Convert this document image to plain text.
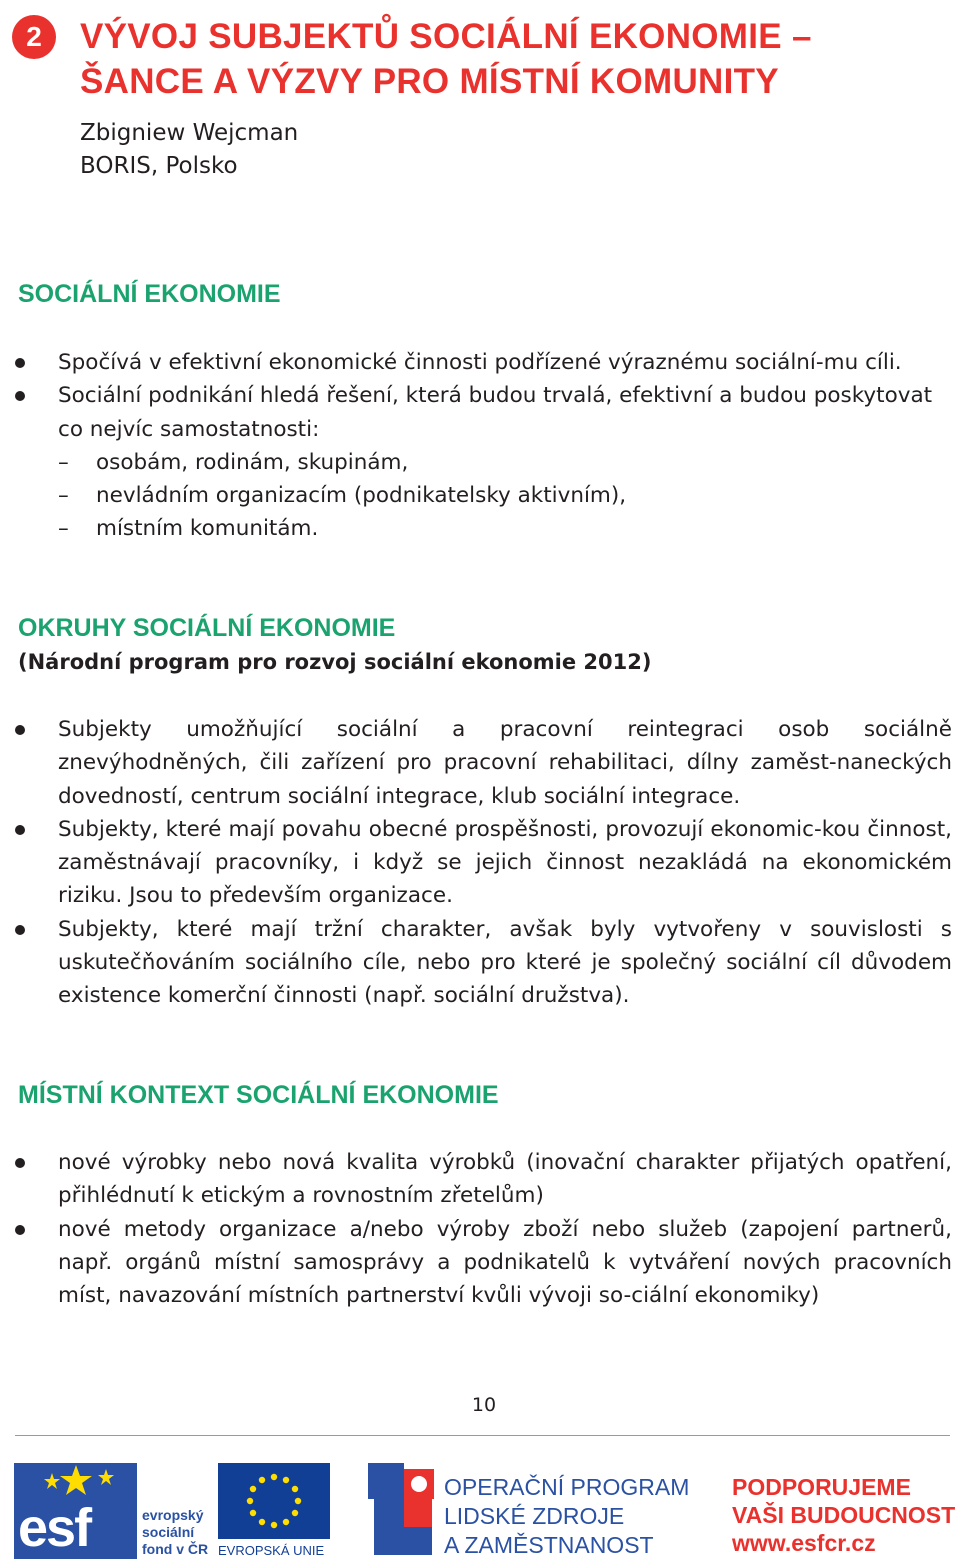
2	VÝVOJ SUBJEKTŮ SOCIÁLNÍ EKONOMIE –
ŠANCE A VÝZVY PRO MÍSTNÍ KOMUNITY
Zbigniew Wejcman
BORIS, Polsko
SOCIÁLNÍ EKONOMIE
Spočívá v efektivní ekonomické činnosti podřízené výraznému sociální-mu cíli.
Sociální podnikání hledá řešení, která budou trvalá, efektivní a budou poskytovat co nejvíc samostatnosti:
– osobám, rodinám, skupinám,
– nevládním organizacím (podnikatelsky aktivním),
– místním komunitám.
OKRUHY SOCIÁLNÍ EKONOMIE
(Národní program pro rozvoj sociální ekonomie 2012)
Subjekty umožňující sociální a pracovní reintegraci osob sociálně znevýhodněných, čili zařízení pro pracovní rehabilitaci, dílny zaměst-naneckých dovedností, centrum sociální integrace, klub sociální integrace.
Subjekty, které mají povahu obecné prospěšnosti, provozují ekonomic-kou činnost, zaměstnávají pracovníky, i když se jejich činnost nezakládá na ekonomickém riziku. Jsou to především organizace.
Subjekty, které mají tržní charakter, avšak byly vytvořeny v souvislosti s uskutečňováním sociálního cíle, nebo pro které je společný sociální cíl důvodem existence komerční činnosti (např. sociální družstva).
MÍSTNÍ KONTEXT SOCIÁLNÍ EKONOMIE
nové výrobky nebo nová kvalita výrobků (inovační charakter přijatých opatření, přihlédnutí k etickým a rovnostním zřetelům)
nové metody organizace a/nebo výroby zboží nebo služeb (zapojení partnerů, např. orgánů místní samosprávy a podnikatelů k vytváření nových pracovních míst, navazování místních partnerství kvůli vývoji so-ciální ekonomiky)
10
esf	evropský
sociální
fond v ČR EVROPSKÁ UNIE
OPERAČNÍ PROGRAM
LIDSKÉ ZDROJE
A ZAMĚSTNANOST
PODPORUJEME
VAŠI BUDOUCNOST
www.esfcr.cz
